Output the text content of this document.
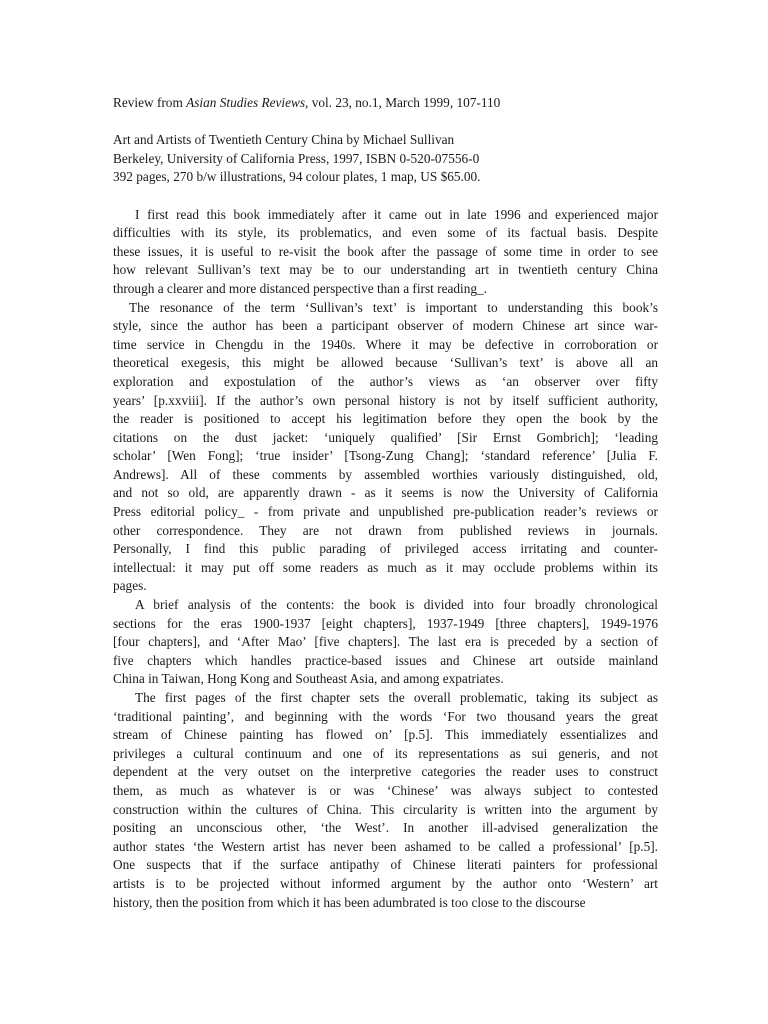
Review from Asian Studies Reviews, vol. 23, no.1, March 1999, 107-110
Art and Artists of Twentieth Century China by Michael Sullivan
Berkeley, University of California Press, 1997, ISBN 0-520-07556-0
392 pages, 270 b/w illustrations, 94 colour plates, 1 map, US $65.00.
I first read this book immediately after it came out in late 1996 and experienced major
difficulties with its style, its problematics, and even some of its factual basis. Despite
these issues, it is useful to re-visit the book after the passage of some time in order to see
how relevant Sullivan’s text may be to our understanding art in twentieth century China
through a clearer and more distanced perspective than a first reading_.
The resonance of the term ‘Sullivan’s text’ is important to understanding this book’s
style, since the author has been a participant observer of modern Chinese art since war-
time service in Chengdu in the 1940s. Where it may be defective in corroboration or
theoretical exegesis, this might be allowed because ‘Sullivan’s text’ is above all an
exploration and expostulation of the author’s views as ‘an observer over fifty
years’ [p.xxviii]. If the author’s own personal history is not by itself sufficient authority,
the reader is positioned to accept his legitimation before they open the book by the
citations on the dust jacket: ‘uniquely qualified’ [Sir Ernst Gombrich]; ‘leading
scholar’ [Wen Fong]; ‘true insider’ [Tsong-Zung Chang]; ‘standard reference’ [Julia F.
Andrews]. All of these comments by assembled worthies variously distinguished, old,
and not so old, are apparently drawn - as it seems is now the University of California
Press editorial policy_ - from private and unpublished pre-publication reader’s reviews or
other correspondence. They are not drawn from published reviews in journals.
Personally, I find this public parading of privileged access irritating and counter-
intellectual: it may put off some readers as much as it may occlude problems within its
pages.
A brief analysis of the contents: the book is divided into four broadly chronological
sections for the eras 1900-1937 [eight chapters], 1937-1949 [three chapters], 1949-1976
[four chapters], and ‘After Mao’ [five chapters]. The last era is preceded by a section of
five chapters which handles practice-based issues and Chinese art outside mainland
China in Taiwan, Hong Kong and Southeast Asia, and among expatriates.
The first pages of the first chapter sets the overall problematic, taking its subject as
‘traditional painting’, and beginning with the words ‘For two thousand years the great
stream of Chinese painting has flowed on’ [p.5]. This immediately essentializes and
privileges a cultural continuum and one of its representations as sui generis, and not
dependent at the very outset on the interpretive categories the reader uses to construct
them, as much as whatever is or was ‘Chinese’ was always subject to contested
construction within the cultures of China. This circularity is written into the argument by
positing an unconscious other, ‘the West’. In another ill-advised generalization the
author states ‘the Western artist has never been ashamed to be called a professional’ [p.5].
One suspects that if the surface antipathy of Chinese literati painters for professional
artists is to be projected without informed argument by the author onto ‘Western’ art
history, then the position from which it has been adumbrated is too close to the discourse
